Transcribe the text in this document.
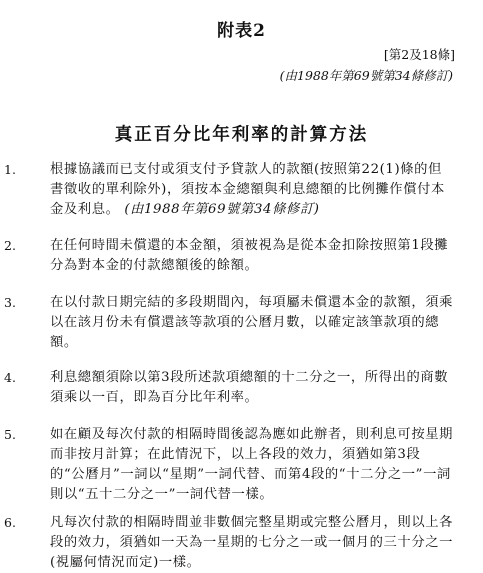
附表2
[第2及18條]
(由1988年第69號第34條修訂)
真正百分比年利率的計算方法
1.	根據協議而已支付或須支付予貸款人的款額(按照第22(1)條的但書徵收的單利除外)，須按本金總額與利息總額的比例攤作償付本金及利息。 (由1988年第69號第34條修訂)
2.	在任何時間未償還的本金額，須被視為是從本金扣除按照第1段攤分為對本金的付款總額後的餘額。
3.	在以付款日期完結的多段期間內，每項屬未償還本金的款額，須乘以在該月份未有償還該等款項的公曆月數，以確定該筆款項的總額。
4.	利息總額須除以第3段所述款項總額的十二分之一，所得出的商數須乘以一百，即為百分比年利率。
5.	如在顧及每次付款的相隔時間後認為應如此辦者，則利息可按星期而非按月計算；在此情況下，以上各段的效力，須猶如第3段的“公曆月”一詞以“星期”一詞代替、而第4段的“十二分之一”一詞則以“五十二分之一”一詞代替一樣。
6.	凡每次付款的相隔時間並非數個完整星期或完整公曆月，則以上各段的效力，須猶如一天為一星期的七分之一或一個月的三十分之一(視屬何情況而定)一樣。
